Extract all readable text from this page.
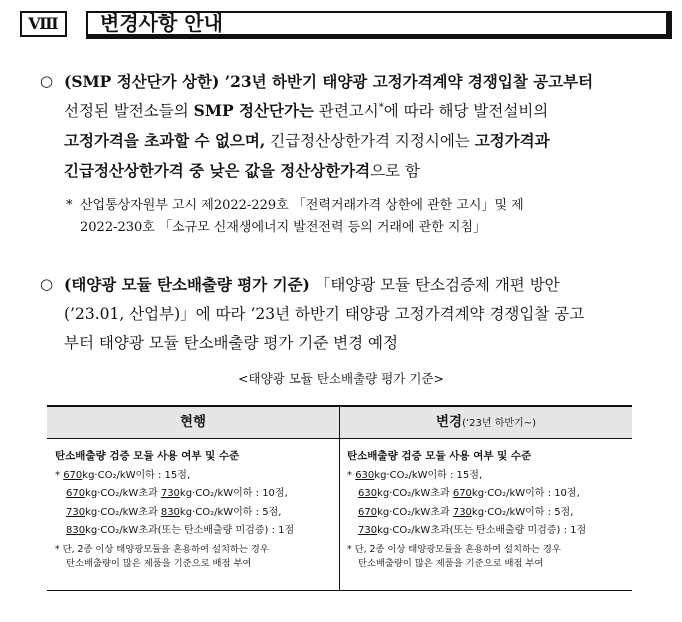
Ⅷ	변경사항 안내
○ (SMP 정산단가 상한) ’23년 하반기 태양광 고정가격계약 경쟁입찰 공고부터
선정된 발전소들의 SMP 정산단가는 관련고시*에 따라 해당 발전설비의
고정가격을 초과할 수 없으며, 긴급정산상한가격 지정시에는 고정가격과
긴급정산상한가격 중 낮은 값을 정산상한가격으로 함
* 산업통상자원부 고시 제2022-229호 「전력거래가격 상한에 관한 고시」및 제
2022-230호 「소규모 신재생에너지 발전전력 등의 거래에 관한 지침」
○ (태양광 모듈 탄소배출량 평가 기준) 「태양광 모듈 탄소검증제 개편 방안
(’23.01, 산업부)」에 따라 ’23년 하반기 태양광 고정가격계약 경쟁입찰 공고
부터 태양광 모듈 탄소배출량 평가 기준 변경 예정
<태양광 모듈 탄소배출량 평가 기준>
현행	변경(’23년 하반기~)
탄소배출량 검증 모듈 사용 여부 및 수준
* 670kg·CO₂/kW이하 : 15점,
670kg·CO₂/kW초과 730kg·CO₂/kW이하 : 10점,
730kg·CO₂/kW초과 830kg·CO₂/kW이하 : 5점,
830kg·CO₂/kW초과(또는 탄소배출량 미검증) : 1점
* 단, 2종 이상 태양광모듈을 혼용하여 설치하는 경우
탄소배출량이 많은 제품을 기준으로 배점 부여
탄소배출량 검증 모듈 사용 여부 및 수준
* 630kg·CO₂/kW이하 : 15점,
630kg·CO₂/kW초과 670kg·CO₂/kW이하 : 10점,
670kg·CO₂/kW초과 730kg·CO₂/kW이하 : 5점,
730kg·CO₂/kW초과(또는 탄소배출량 미검증) : 1점
* 단, 2종 이상 태양광모듈을 혼용하여 설치하는 경우
탄소배출량이 많은 제품을 기준으로 배점 부여
